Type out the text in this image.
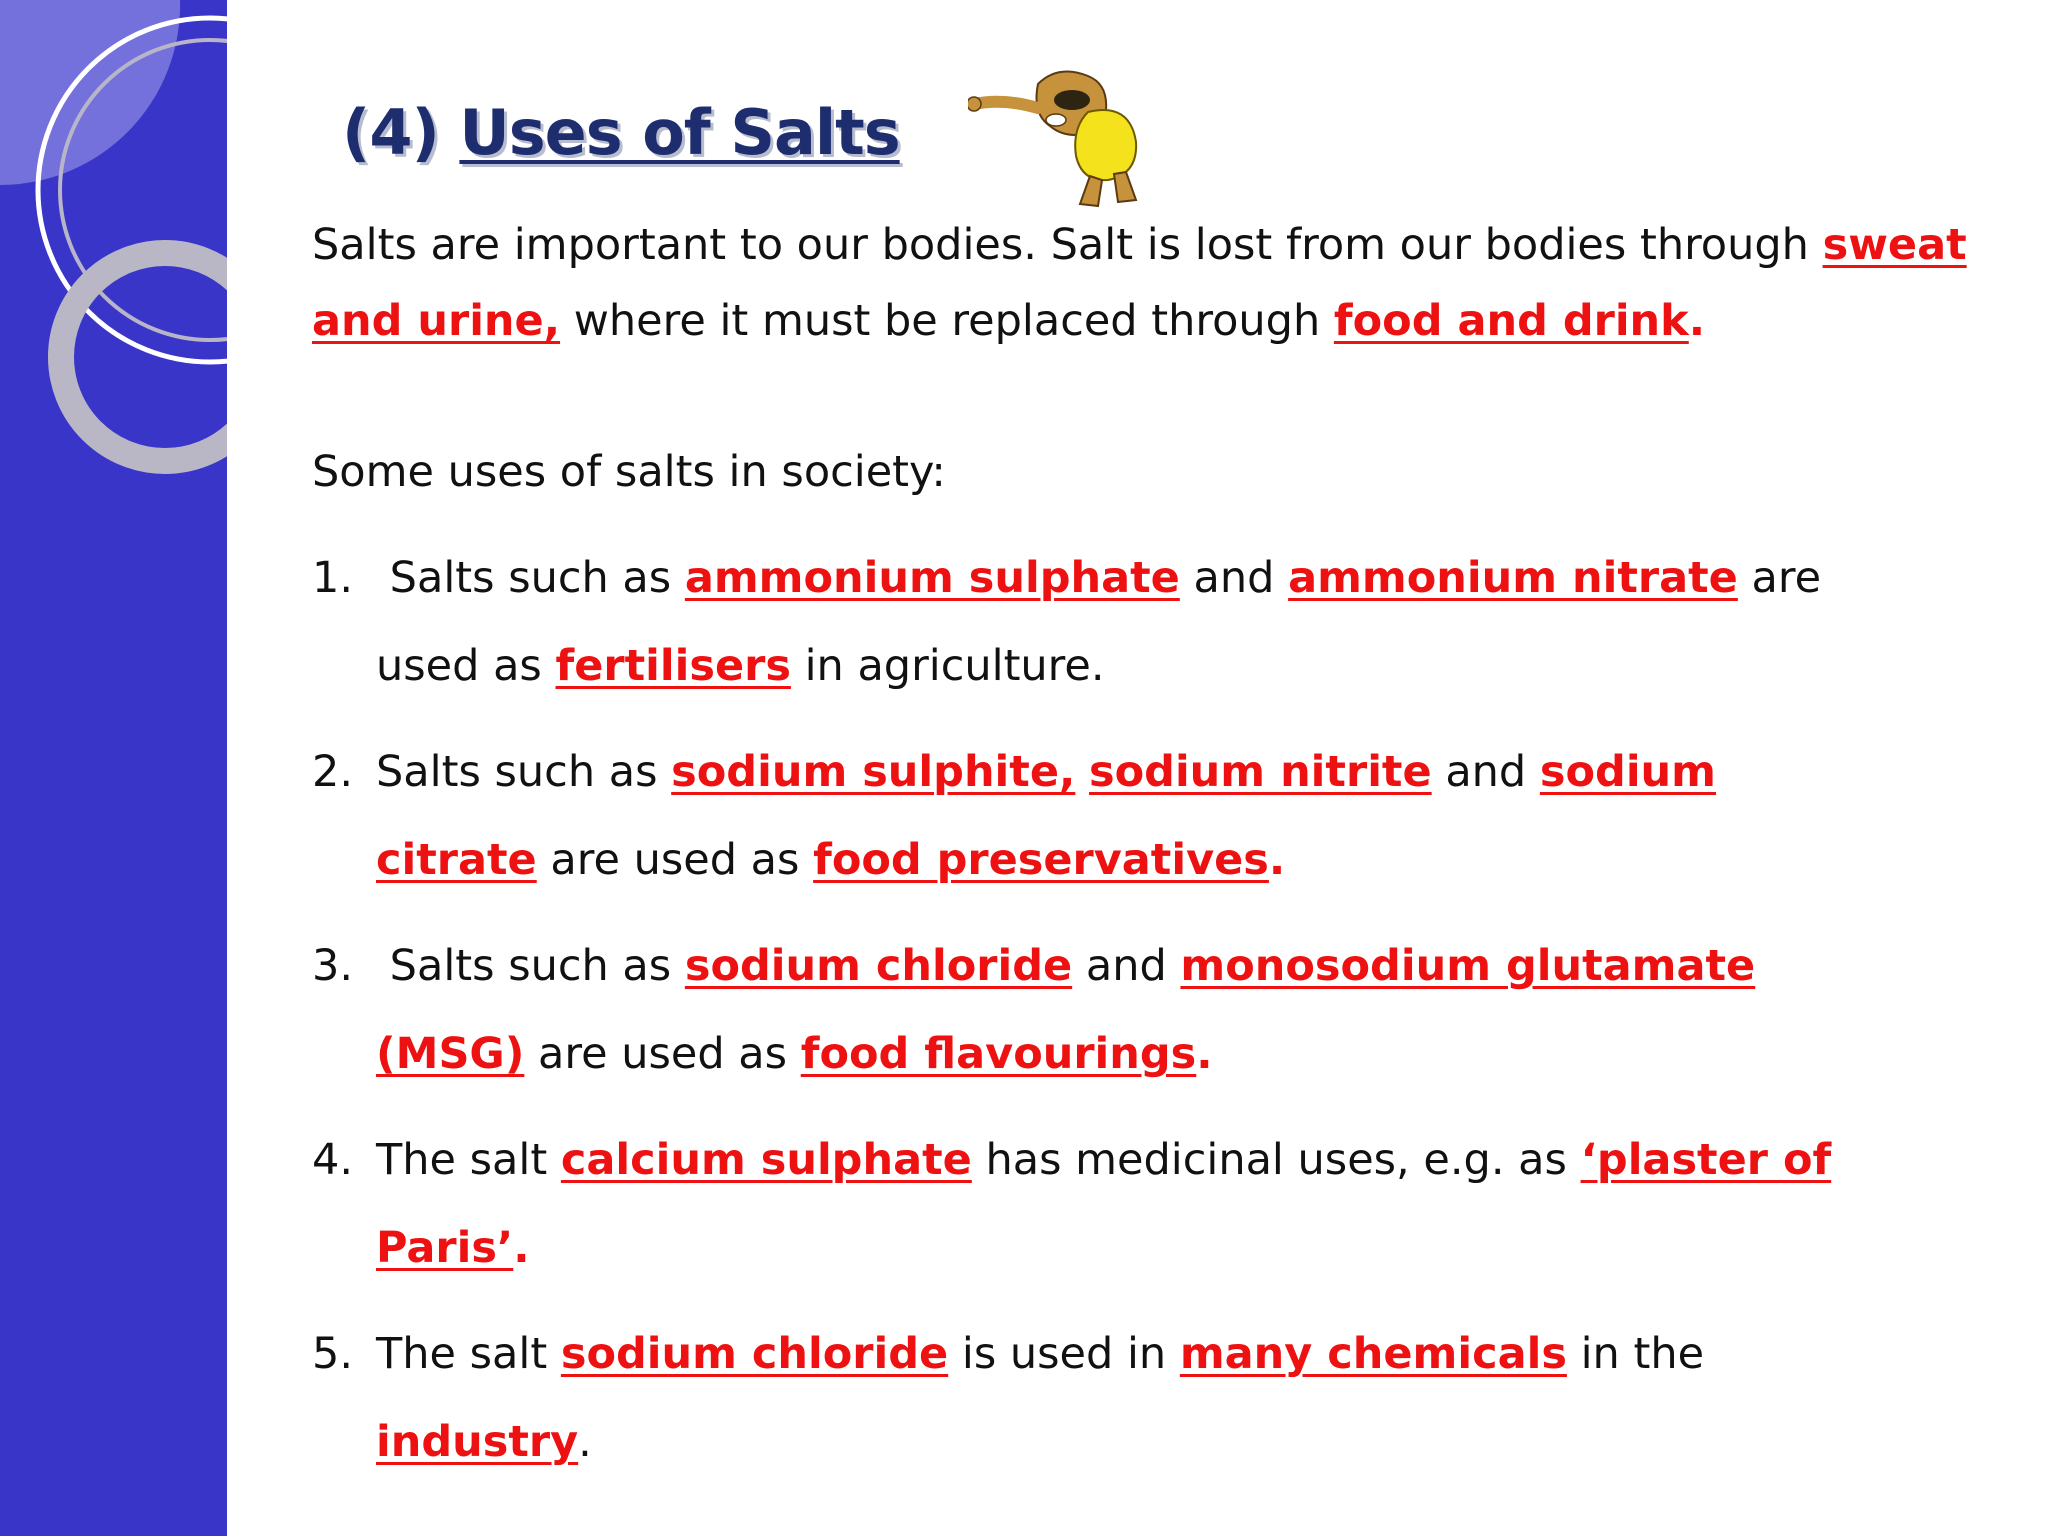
(4) Uses of Salts
Salts are important to our bodies. Salt is lost from our bodies through sweat
and urine, where it must be replaced through food and drink.
Some uses of salts in society:
1. Salts such as ammonium sulphate and ammonium nitrate are
used as fertilisers in agriculture.
2. Salts such as sodium sulphite, sodium nitrite and sodium
citrate are used as food preservatives.
3. Salts such as sodium chloride and monosodium glutamate
(MSG) are used as food flavourings.
4. The salt calcium sulphate has medicinal uses, e.g. as ‘plaster of
Paris’.
5. The salt sodium chloride is used in many chemicals in the
industry.
